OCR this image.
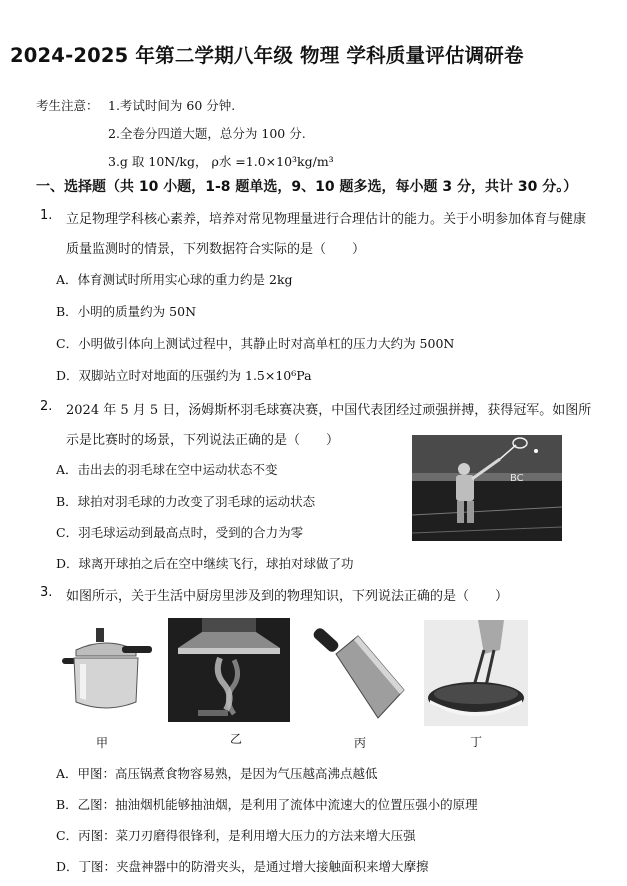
2024-2025 年第二学期八年级 物理 学科质量评估调研卷
考生注意： 1.考试时间为 60 分钟.
2.全卷分四道大题，总分为 100 分.
3.g 取 10N/kg， ρ水 =1.0×10³kg/m³
一、选择题（共 10 小题，1-8 题单选，9、10 题多选，每小题 3 分，共计 30 分。）
1. 立足物理学科核心素养，培养对常见物理量进行合理估计的能力。关于小明参加体育与健康
质量监测时的情景，下列数据符合实际的是（　　）
A．体育测试时所用实心球的重力约是 2kg
B．小明的质量约为 50N
C．小明做引体向上测试过程中，其静止时对高单杠的压力大约为 500N
D．双脚站立时对地面的压强约为 1.5×10⁶Pa
2. 2024 年 5 月 5 日，汤姆斯杯羽毛球赛决赛，中国代表团经过顽强拼搏，获得冠军。如图所
示是比赛时的场景，下列说法正确的是（　　）
A．击出去的羽毛球在空中运动状态不变
B．球拍对羽毛球的力改变了羽毛球的运动状态
C．羽毛球运动到最高点时，受到的合力为零
D．球离开球拍之后在空中继续飞行，球拍对球做了功
BC
3. 如图所示，关于生活中厨房里涉及到的物理知识，下列说法正确的是（　　）
甲	乙	丙	丁
A．甲图：高压锅煮食物容易熟，是因为气压越高沸点越低
B．乙图：抽油烟机能够抽油烟，是利用了流体中流速大的位置压强小的原理
C．丙图：菜刀刃磨得很锋利，是利用增大压力的方法来增大压强
D．丁图：夹盘神器中的防滑夹头，是通过增大接触面积来增大摩擦
